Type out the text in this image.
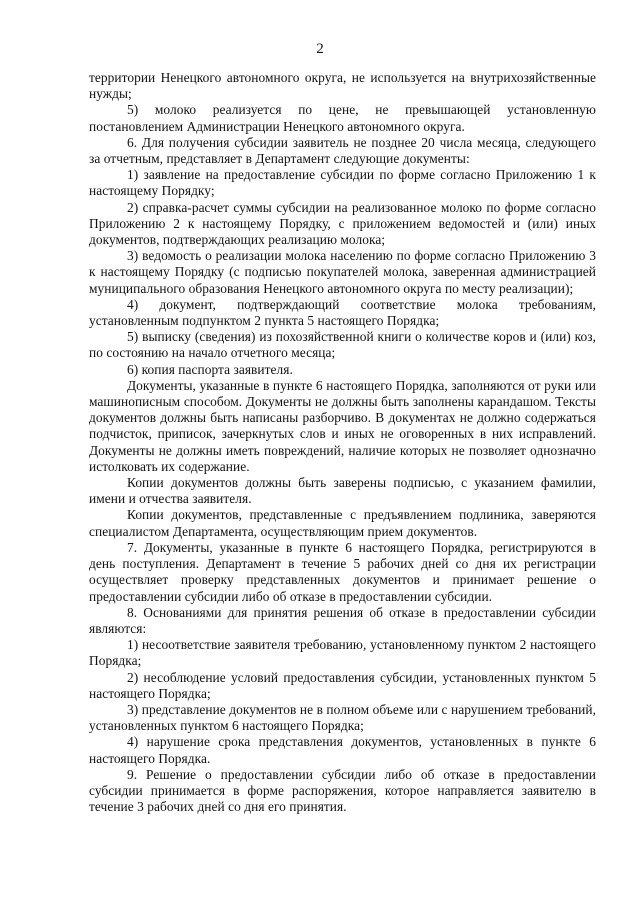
2

территории Ненецкого автономного округа, не используется на внутрихозяйственные нужды;

5) молоко реализуется по цене, не превышающей установленную постановлением Администрации Ненецкого автономного округа.

6. Для получения субсидии заявитель не позднее 20 числа месяца, следующего за отчетным, представляет в Департамент следующие документы:

1) заявление на предоставление субсидии по форме согласно Приложению 1 к настоящему Порядку;

2) справка-расчет суммы субсидии на реализованное молоко по форме согласно Приложению 2 к настоящему Порядку, с приложением ведомостей и (или) иных документов, подтверждающих реализацию молока;

3) ведомость о реализации молока населению по форме согласно Приложению 3 к настоящему Порядку (с подписью покупателей молока, заверенная администрацией муниципального образования Ненецкого автономного округа по месту реализации);

4) документ, подтверждающий соответствие молока требованиям, установленным подпунктом 2 пункта 5 настоящего Порядка;

5) выписку (сведения) из похозяйственной книги о количестве коров и (или) коз, по состоянию на начало отчетного месяца;

6) копия паспорта заявителя.

Документы, указанные в пункте 6 настоящего Порядка, заполняются от руки или машинописным способом. Документы не должны быть заполнены карандашом. Тексты документов должны быть написаны разборчиво. В документах не должно содержаться подчисток, приписок, зачеркнутых слов и иных не оговоренных в них исправлений. Документы не должны иметь повреждений, наличие которых не позволяет однозначно истолковать их содержание.

Копии документов должны быть заверены подписью, с указанием фамилии, имени и отчества заявителя.

Копии документов, представленные с предъявлением подлиника, заверяются специалистом Департамента, осуществляющим прием документов.

7. Документы, указанные в пункте 6 настоящего Порядка, регистрируются в день поступления. Департамент в течение 5 рабочих дней со дня их регистрации осуществляет проверку представленных документов и принимает решение о предоставлении субсидии либо об отказе в предоставлении субсидии.

8. Основаниями для принятия решения об отказе в предоставлении субсидии являются:

1) несоответствие заявителя требованию, установленному пунктом 2 настоящего Порядка;

2) несоблюдение условий предоставления субсидии, установленных пунктом 5 настоящего Порядка;

3) представление документов не в полном объеме или с нарушением требований, установленных пунктом 6 настоящего Порядка;

4) нарушение срока представления документов, установленных в пункте 6 настоящего Порядка.

9. Решение о предоставлении субсидии либо об отказе в предоставлении субсидии принимается в форме распоряжения, которое направляется заявителю в течение 3 рабочих дней со дня его принятия.
